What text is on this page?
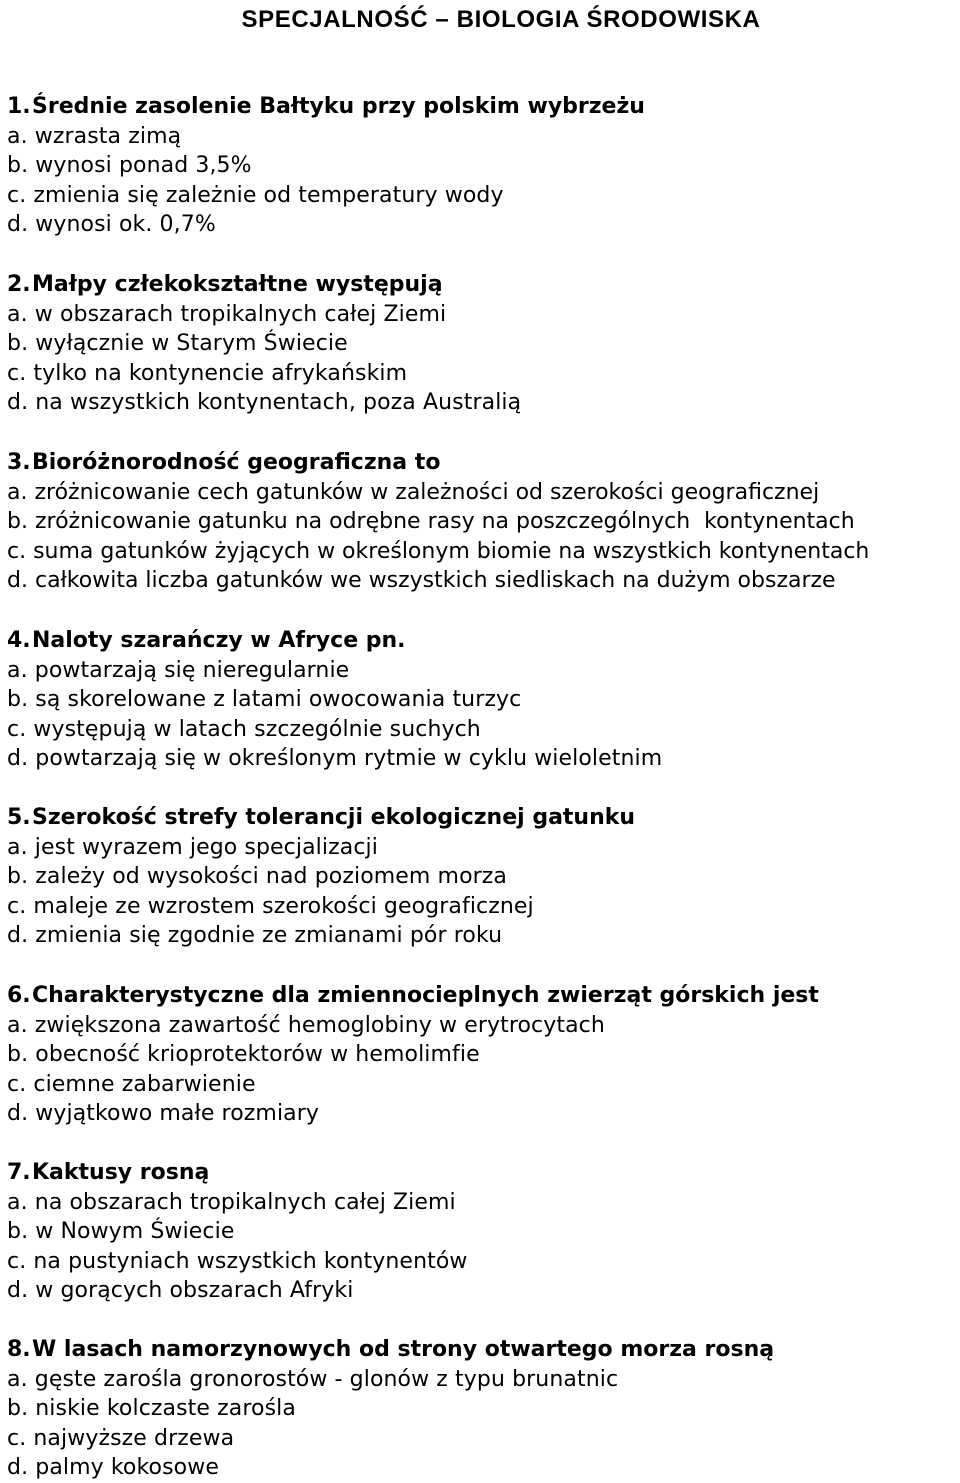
SPECJALNOŚĆ – BIOLOGIA ŚRODOWISKA
1. Średnie zasolenie Bałtyku przy polskim wybrzeżu
a. wzrasta zimą
b. wynosi ponad 3,5%
c. zmienia się zależnie od temperatury wody
d. wynosi ok. 0,7%
2. Małpy człekokształtne występują
a. w obszarach tropikalnych całej Ziemi
b. wyłącznie w Starym Świecie
c. tylko na kontynencie afrykańskim
d. na wszystkich kontynentach, poza Australią
3. Bioróżnorodność geograficzna to
a. zróżnicowanie cech gatunków w zależności od szerokości geograficznej
b. zróżnicowanie gatunku na odrębne rasy na poszczególnych  kontynentach
c. suma gatunków żyjących w określonym biomie na wszystkich kontynentach
d. całkowita liczba gatunków we wszystkich siedliskach na dużym obszarze
4. Naloty szarańczy w Afryce pn.
a. powtarzają się nieregularnie
b. są skorelowane z latami owocowania turzyc
c. występują w latach szczególnie suchych
d. powtarzają się w określonym rytmie w cyklu wieloletnim
5. Szerokość strefy tolerancji ekologicznej gatunku
a. jest wyrazem jego specjalizacji
b. zależy od wysokości nad poziomem morza
c. maleje ze wzrostem szerokości geograficznej
d. zmienia się zgodnie ze zmianami pór roku
6. Charakterystyczne dla zmiennocieplnych zwierząt górskich jest
a. zwiększona zawartość hemoglobiny w erytrocytach
b. obecność krioprotektorów w hemolimfie
c. ciemne zabarwienie
d. wyjątkowo małe rozmiary
7. Kaktusy rosną
a. na obszarach tropikalnych całej Ziemi
b. w Nowym Świecie
c. na pustyniach wszystkich kontynentów
d. w gorących obszarach Afryki
8. W lasach namorzynowych od strony otwartego morza rosną
a. gęste zarośla gronorostów - glonów z typu brunatnic
b. niskie kolczaste zarośla
c. najwyższe drzewa
d. palmy kokosowe
